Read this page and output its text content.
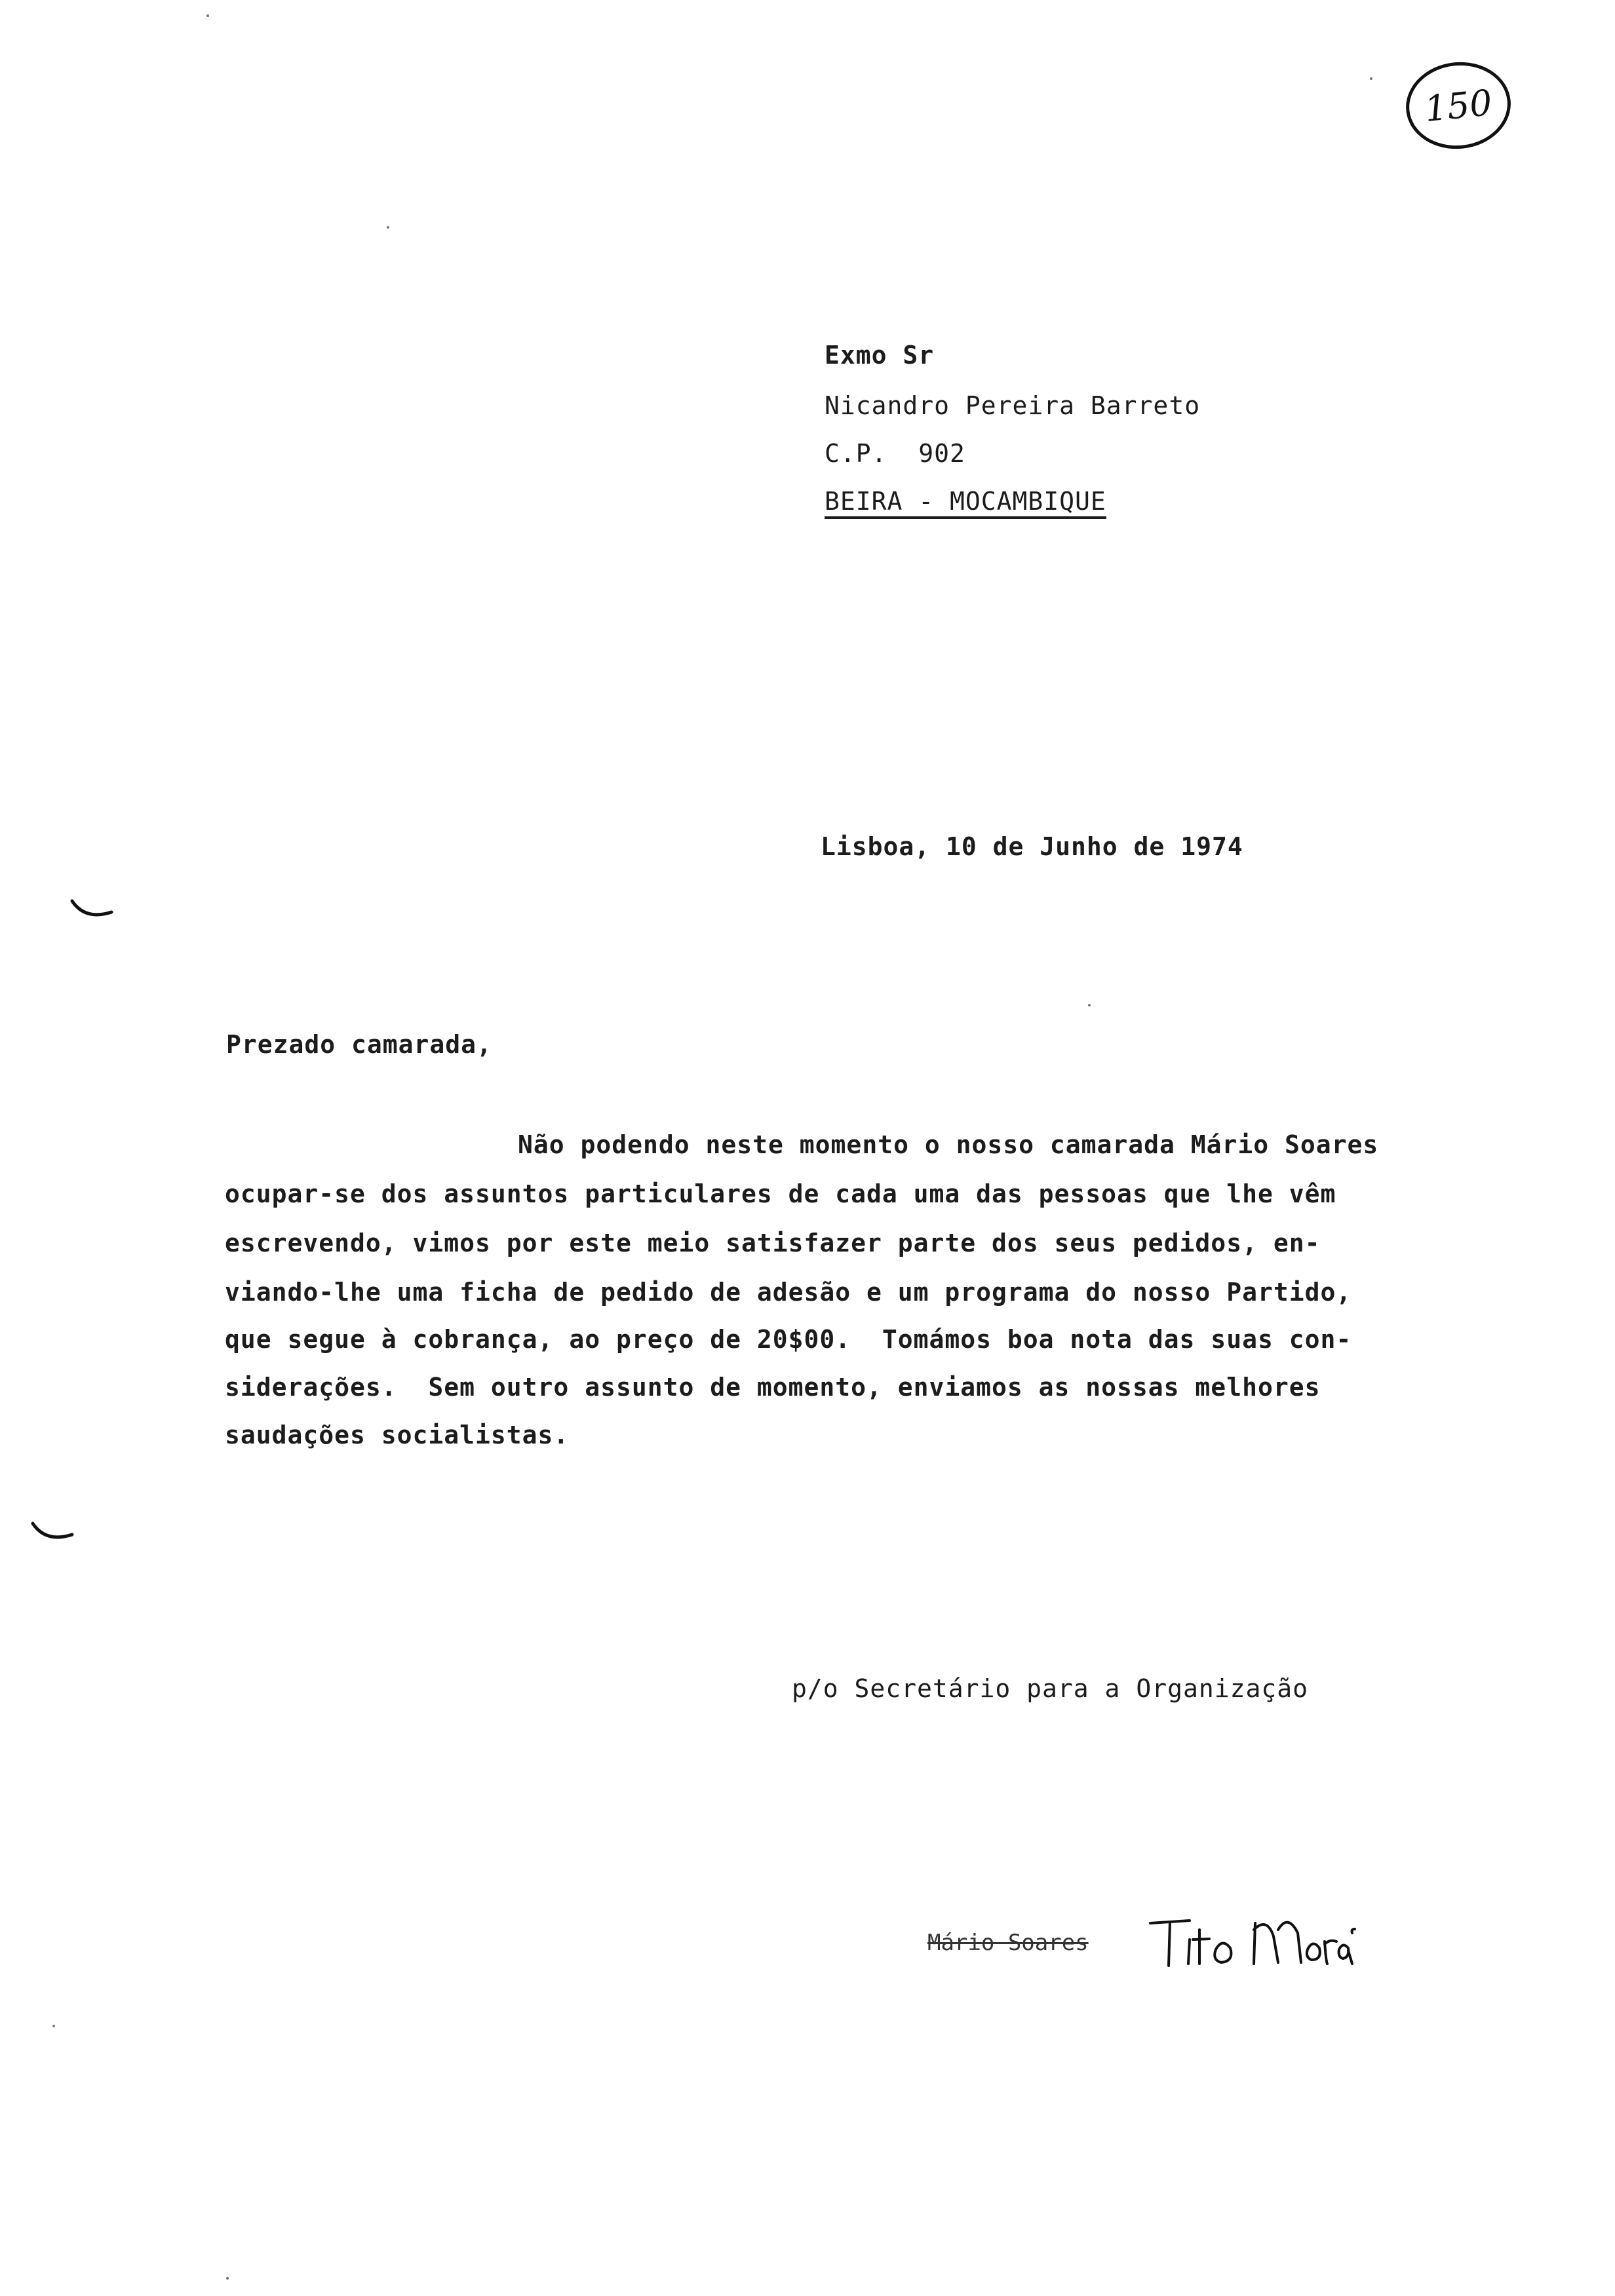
150
Exmo Sr
Nicandro Pereira Barreto
C.P.  902
BEIRA - MOCAMBIQUE
Lisboa, 10 de Junho de 1974
Prezado camarada,
Não podendo neste momento o nosso camarada Mário Soares
ocupar-se dos assuntos particulares de cada uma das pessoas que lhe vêm
escrevendo, vimos por este meio satisfazer parte dos seus pedidos, en-
viando-lhe uma ficha de pedido de adesão e um programa do nosso Partido,
que segue à cobrança, ao preço de 20$00.  Tomámos boa nota das suas con-
siderações.  Sem outro assunto de momento, enviamos as nossas melhores
saudações socialistas.
p/o Secretário para a Organização
Mário Soares
